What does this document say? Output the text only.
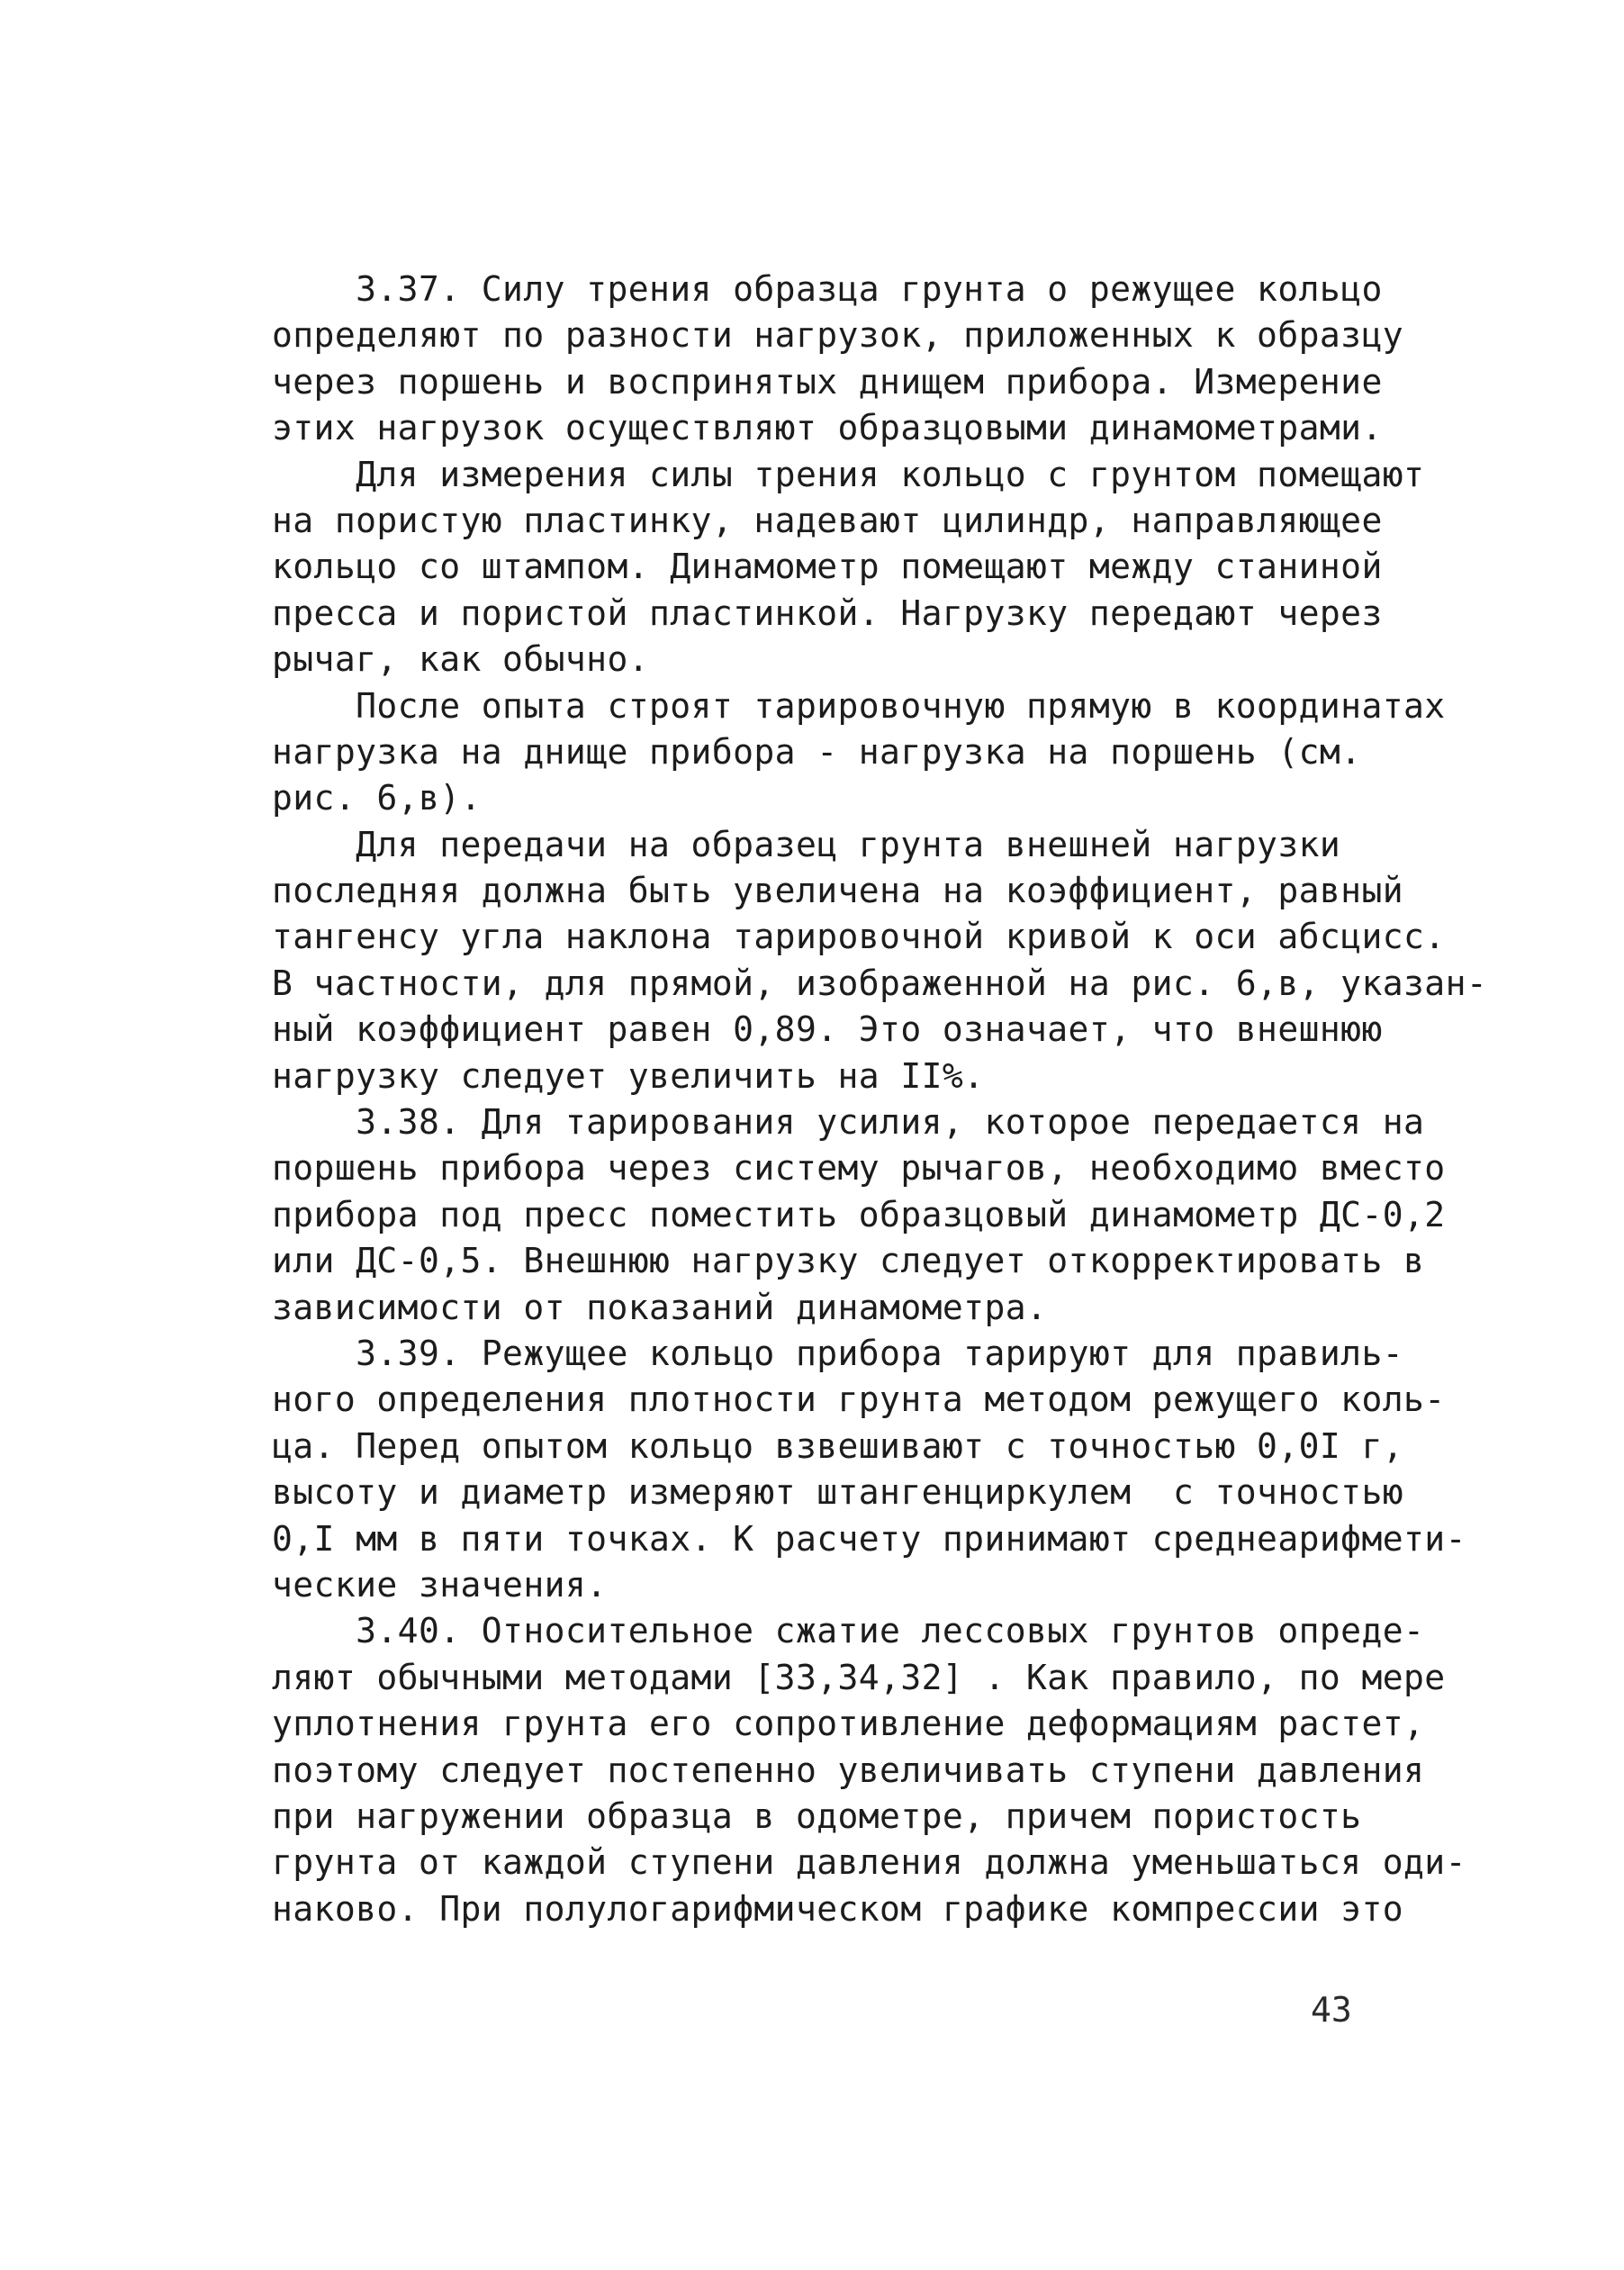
3.37. Силу трения образца грунта о режущее кольцо
определяют по разности нагрузок, приложенных к образцу
через поршень и воспринятых днищем прибора. Измерение
этих нагрузок осуществляют образцовыми динамометрами.
Для измерения силы трения кольцо с грунтом помещают
на пористую пластинку, надевают цилиндр, направляющее
кольцо со штампом. Динамометр помещают между станиной
пресса и пористой пластинкой. Нагрузку передают через
рычаг, как обычно.
После опыта строят тарировочную прямую в координатах
нагрузка на днище прибора - нагрузка на поршень (см.
рис. 6,в).
Для передачи на образец грунта внешней нагрузки
последняя должна быть увеличена на коэффициент, равный
тангенсу угла наклона тарировочной кривой к оси абсцисс.
В частности, для прямой, изображенной на рис. 6,в, указан-
ный коэффициент равен 0,89. Это означает, что внешнюю
нагрузку следует увеличить на II%.
3.38. Для тарирования усилия, которое передается на
поршень прибора через систему рычагов, необходимо вместо
прибора под пресс поместить образцовый динамометр ДС-0,2
или ДС-0,5. Внешнюю нагрузку следует откорректировать в
зависимости от показаний динамометра.
3.39. Режущее кольцо прибора тарируют для правиль-
ного определения плотности грунта методом режущего коль-
ца. Перед опытом кольцо взвешивают с точностью 0,0I г,
высоту и диаметр измеряют штангенциркулем  с точностью
0,I мм в пяти точках. К расчету принимают среднеарифмети-
ческие значения.
3.40. Относительное сжатие лессовых грунтов опреде-
ляют обычными методами [33,34,32] . Как правило, по мере
уплотнения грунта его сопротивление деформациям растет,
поэтому следует постепенно увеличивать ступени давления
при нагружении образца в одометре, причем пористость
грунта от каждой ступени давления должна уменьшаться оди-
наково. При полулогарифмическом графике компрессии это
43
